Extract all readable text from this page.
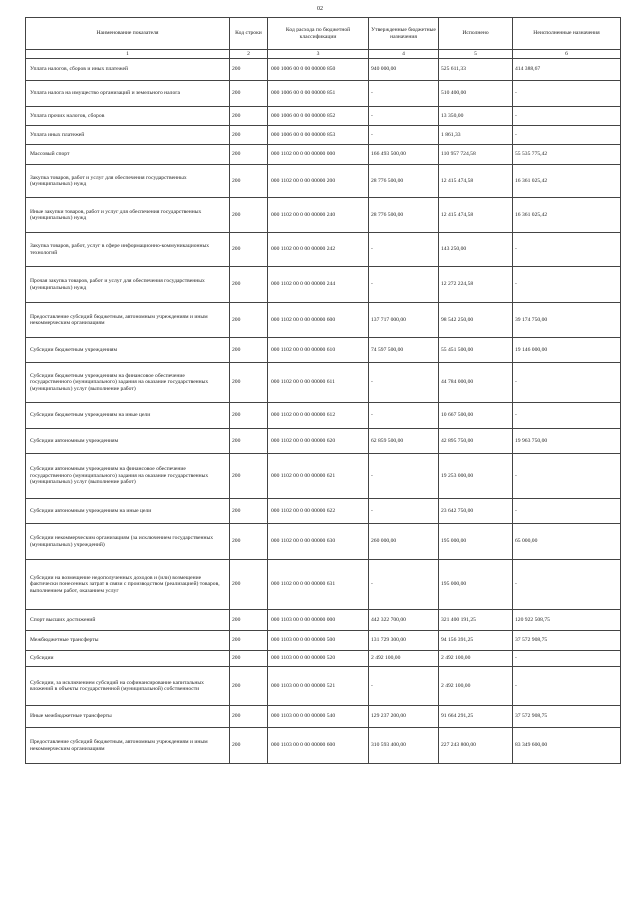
02
Наименование показателя	Код строки	Код расхода по бюджетной классификации	Утвержденные бюджетные назначения	Исполнено	Неисполненные назначения
1	2	3	4	5	6
Уплата налогов, сборов и иных платежей	200	000 1006 00 0 00 00000 850	940 000,00	525 611,33	414 388,67
Уплата налога на имущество организаций и земельного налога	200	000 1006 00 0 00 00000 851	-	510 400,00	-
Уплата прочих налогов, сборов	200	000 1006 00 0 00 00000 852	-	13 350,00	-
Уплата иных платежей	200	000 1006 00 0 00 00000 853	-	1 861,33	-
Массовый спорт	200	000 1102 00 0 00 00000 000	166 493 500,00	110 957 724,58	55 535 775,42
Закупка товаров, работ и услуг для обеспечения государственных (муниципальных) нужд	200	000 1102 00 0 00 00000 200	28 776 500,00	12 415 474,58	16 361 025,42
Иные закупки товаров, работ и услуг для обеспечения государственных (муниципальных) нужд	200	000 1102 00 0 00 00000 240	28 776 500,00	12 415 474,58	16 361 025,42
Закупка товаров, работ, услуг в сфере информационно-коммуникационных технологий	200	000 1102 00 0 00 00000 242	-	143 250,00	-
Прочая закупка товаров, работ и услуг для обеспечения государственных (муниципальных) нужд	200	000 1102 00 0 00 00000 244	-	12 272 224,58	-
Предоставление субсидий бюджетным, автономным учреждениям и иным некоммерческим организациям	200	000 1102 00 0 00 00000 600	137 717 000,00	98 542 250,00	39 174 750,00
Субсидии бюджетным учреждениям	200	000 1102 00 0 00 00000 610	74 597 500,00	55 451 500,00	19 146 000,00
Субсидии бюджетным учреждениям на финансовое обеспечение государственного (муниципального) задания на оказание государственных (муниципальных) услуг (выполнение работ)	200	000 1102 00 0 00 00000 611	-	44 784 000,00	-
Субсидии бюджетным учреждениям на иные цели	200	000 1102 00 0 00 00000 612	-	10 667 500,00	-
Субсидии автономным учреждениям	200	000 1102 00 0 00 00000 620	62 859 500,00	42 895 750,00	19 963 750,00
Субсидии автономным учреждениям на финансовое обеспечение государственного (муниципального) задания на оказание государственных (муниципальных) услуг (выполнение работ)	200	000 1102 00 0 00 00000 621	-	19 253 000,00	-
Субсидии автономным учреждениям на иные цели	200	000 1102 00 0 00 00000 622	-	23 642 750,00	-
Субсидии некоммерческим организациям (за исключением государственных (муниципальных) учреждений)	200	000 1102 00 0 00 00000 630	260 000,00	195 000,00	65 000,00
Субсидии на возмещение недополученных доходов и (или) возмещение фактически понесенных затрат в связи с производством (реализацией) товаров, выполнением работ, оказанием услуг	200	000 1102 00 0 00 00000 631	-	195 000,00	-
Спорт высших достижений	200	000 1103 00 0 00 00000 000	442 322 700,00	321 400 191,25	120 922 508,75
Межбюджетные трансферты	200	000 1103 00 0 00 00000 500	131 729 300,00	94 156 391,25	37 572 908,75
Субсидии	200	000 1103 00 0 00 00000 520	2 492 100,00	2 492 100,00	-
Субсидии, за исключением субсидий на софинансирование капитальных вложений в объекты государственной (муниципальной) собственности	200	000 1103 00 0 00 00000 521	-	2 492 100,00	-
Иные межбюджетные трансферты	200	000 1103 00 0 00 00000 540	129 237 200,00	91 664 291,25	37 572 908,75
Предоставление субсидий бюджетным, автономным учреждениям и иным некоммерческим организациям	200	000 1103 00 0 00 00000 600	310 593 400,00	227 243 800,00	83 349 600,00
